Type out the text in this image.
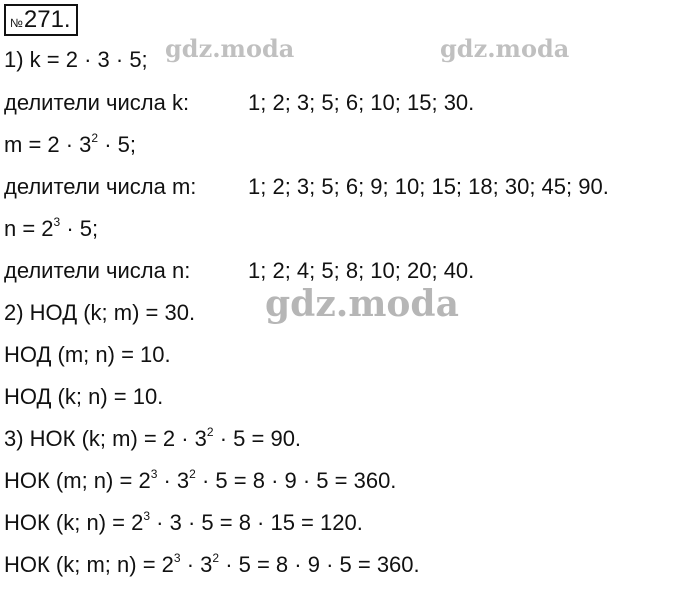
№ 271.
gdz.moda	gdz.moda
1) k = 2 · 3 · 5;
делители числа k:	1; 2; 3; 5; 6; 10; 15; 30.
$m = 2 \cdot 3^2 \cdot 5$;
делители числа m: 1; 2; 3; 5; 6; 9; 10; 15; 18; 30; 45; 90.
$n = 2^3 \cdot 5$;
делители числа n:	1; 2; 4; 5; 8; 10; 20; 40.
2) НОД (k; m) = 30.
НОД (m; n) = 10.
НОД (k; n) = 10.
3) НОК (k; $m) = 2 \cdot 3^2 \cdot 5 = 90$.
НОК (m; $n) = 2^3 \cdot 3^2 \cdot 5 = 8 \cdot 9 \cdot 5 = 360$.
НОК (k; $n) = 2^3 \cdot 3 \cdot 5 = 8 \cdot 15 = 120$.
НОК (k; m; $n) = 2^3 \cdot 3^2 \cdot 5 = 8 \cdot 9 \cdot 5 = 360$.
gdz.moda
